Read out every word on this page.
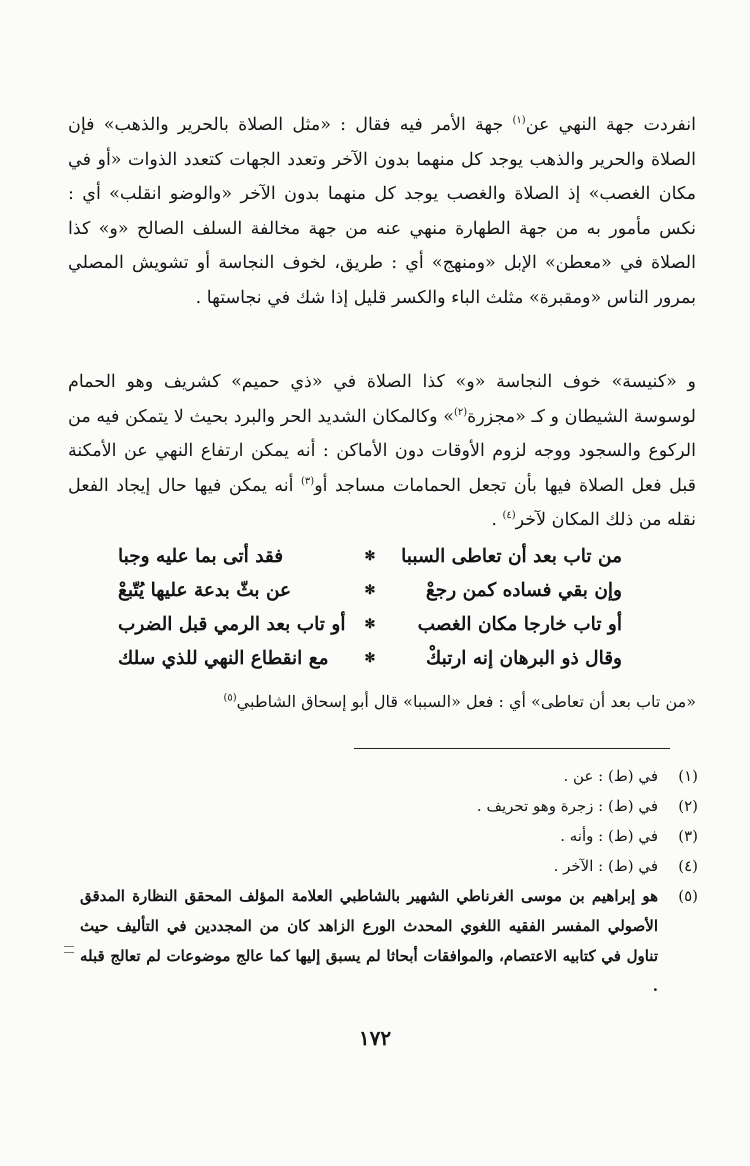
انفردت جهة النهي عن$^{(١)}$ جهة الأمر فيه فقال : «مثل الصلاة بالحرير والذهب» فإن الصلاة والحرير والذهب يوجد كل منهما بدون الآخر وتعدد الجهات كتعدد الذوات «أو في مكان الغصب» إذ الصلاة والغصب يوجد كل منهما بدون الآخر «والوضو انقلب» أي : نكس مأمور به من جهة الطهارة منهي عنه من جهة مخالفة السلف الصالح «و» كذا الصلاة في «معطن» الإبل «ومنهج» أي : طريق، لخوف النجاسة أو تشويش المصلي بمرور الناس «ومقبرة» مثلث الباء والكسر قليل إذا شك في نجاستها .

و «كنيسة» خوف النجاسة «و» كذا الصلاة في «ذي حميم» كشريف وهو الحمام لوسوسة الشيطان و كـ «مجزرة$^{(٢)}$» وكالمكان الشديد الحر والبرد بحيث لا يتمكن فيه من الركوع والسجود ووجه لزوم الأوقات دون الأماكن : أنه يمكن ارتفاع النهي عن الأمكنة قبل فعل الصلاة فيها بأن تجعل الحمامات مساجد أو$^{(٣)}$ أنه يمكن فيها حال إيجاد الفعل نقله من ذلك المكان لآخر$^{(٤)}$ .

من تاب بعد أن تعاطى السببا
✻
فقد أتى بما عليه وجبا
وإن بقي فساده كمن رجعْ
✻
عن بثّ بدعة عليها يُتّبعْ
أو تاب خارجا مكان الغصب
✻
أو تاب بعد الرمي قبل الضرب
وقال ذو البرهان إنه ارتبكْ
✻
مع انقطاع النهي للذي سلك

«من تاب بعد أن تعاطى» أي : فعل «السببا» قال أبو إسحاق الشاطبي$^{(٥)}$

(١)
في (ط) : عن .
(٢)
في (ط) : زجرة وهو تحريف .
(٣)
في (ط) : وأنه .
(٤)
في (ط) : الآخر .
(٥)
هو إبراهيم بن موسى الغرناطي الشهير بالشاطبي العلامة المؤلف المحقق النظارة المدقق الأصولي المفسر الفقيه اللغوي المحدث الورع الزاهد كان من المجددين في التأليف حيث تناول في كتابيه الاعتصام، والموافقات أبحاثا لم يسبق إليها كما عالج موضوعات لم تعالج قبله .

١٧٢
